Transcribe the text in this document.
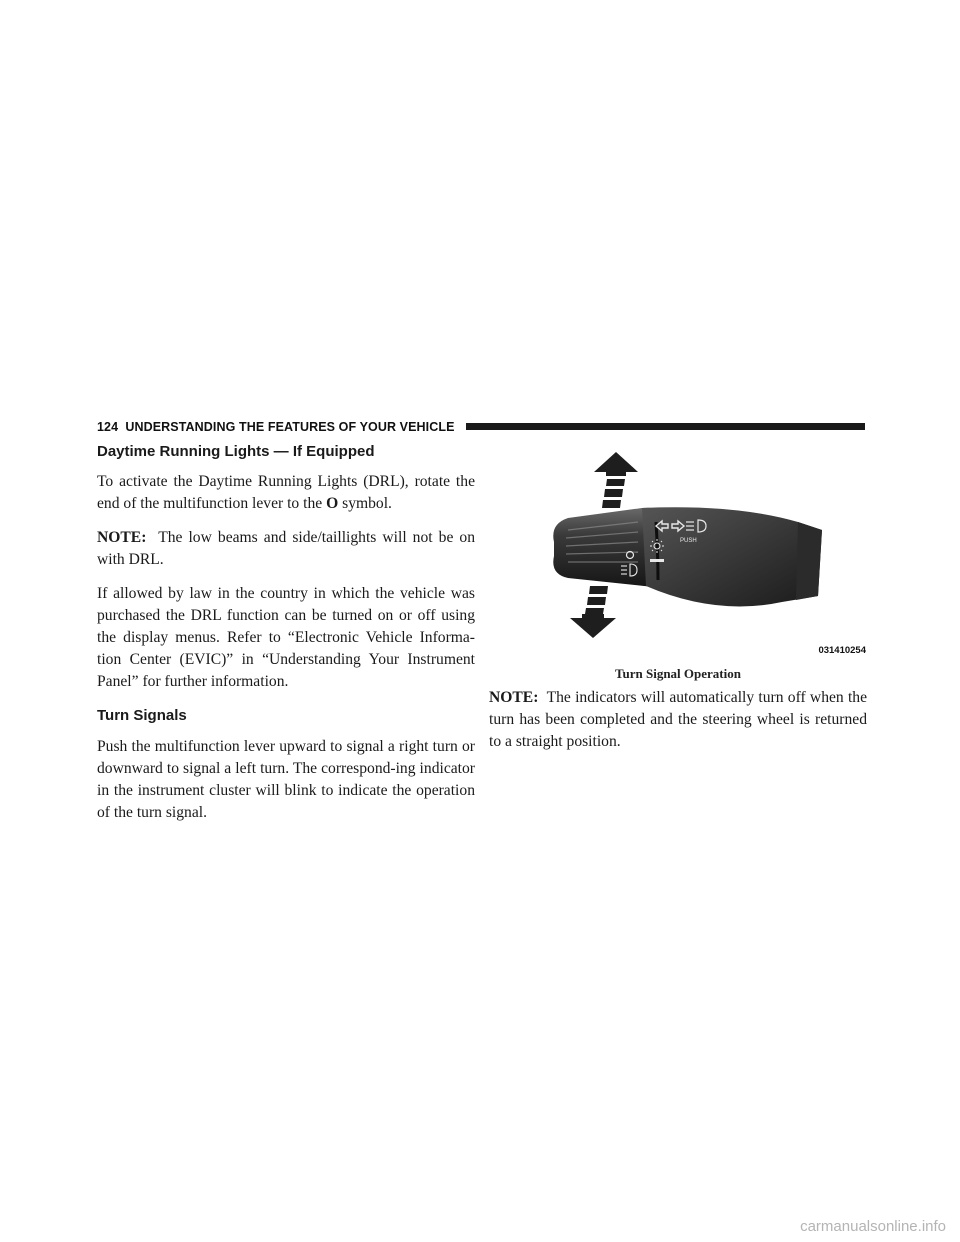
124 UNDERSTANDING THE FEATURES OF YOUR VEHICLE
Daytime Running Lights — If Equipped

To activate the Daytime Running Lights (DRL), rotate the end of the multifunction lever to the O symbol.

NOTE: The low beams and side/taillights will not be on with DRL.

If allowed by law in the country in which the vehicle was purchased the DRL function can be turned on or off using the display menus. Refer to “Electronic Vehicle Informa-tion Center (EVIC)” in “Understanding Your Instrument Panel” for further information.

Turn Signals

Push the multifunction lever upward to signal a right turn or downward to signal a left turn. The correspond-ing indicator in the instrument cluster will blink to indicate the operation of the turn signal.

PUSH
031410254
Turn Signal Operation

NOTE: The indicators will automatically turn off when the turn has been completed and the steering wheel is returned to a straight position.

carmanualsonline.info
